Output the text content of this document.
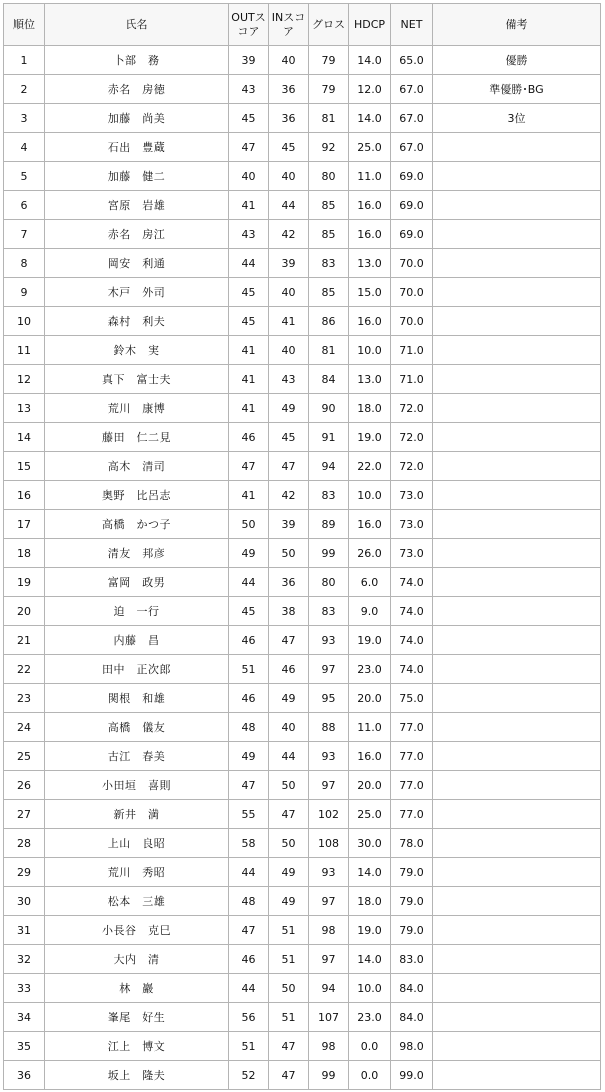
順位	氏名	OUTスコア	INスコア	グロス	HDCP	NET	備考
1	卜部　務	39	40	79	14.0	65.0	優勝
2	赤名　房徳	43	36	79	12.0	67.0	準優勝･BG
3	加藤　尚美	45	36	81	14.0	67.0	3位
4	石出　豊蔵	47	45	92	25.0	67.0	
5	加藤　健二	40	40	80	11.0	69.0	
6	宮原　岩雄	41	44	85	16.0	69.0	
7	赤名　房江	43	42	85	16.0	69.0	
8	岡安　利通	44	39	83	13.0	70.0	
9	木戸　外司	45	40	85	15.0	70.0	
10	森村　利夫	45	41	86	16.0	70.0	
11	鈴木　実	41	40	81	10.0	71.0	
12	真下　富士夫	41	43	84	13.0	71.0	
13	荒川　康博	41	49	90	18.0	72.0	
14	藤田　仁二見	46	45	91	19.0	72.0	
15	高木　清司	47	47	94	22.0	72.0	
16	奥野　比呂志	41	42	83	10.0	73.0	
17	高橋　かつ子	50	39	89	16.0	73.0	
18	清友　邦彦	49	50	99	26.0	73.0	
19	富岡　政男	44	36	80	6.0	74.0	
20	迫　一行	45	38	83	9.0	74.0	
21	内藤　昌	46	47	93	19.0	74.0	
22	田中　正次郎	51	46	97	23.0	74.0	
23	関根　和雄	46	49	95	20.0	75.0	
24	高橋　儀友	48	40	88	11.0	77.0	
25	古江　春美	49	44	93	16.0	77.0	
26	小田垣　喜則	47	50	97	20.0	77.0	
27	新井　満	55	47	102	25.0	77.0	
28	上山　良昭	58	50	108	30.0	78.0	
29	荒川　秀昭	44	49	93	14.0	79.0	
30	松本　三雄	48	49	97	18.0	79.0	
31	小長谷　克巳	47	51	98	19.0	79.0	
32	大内　清	46	51	97	14.0	83.0	
33	林　巖	44	50	94	10.0	84.0	
34	峯尾　好生	56	51	107	23.0	84.0	
35	江上　博文	51	47	98	0.0	98.0	
36	坂上　隆夫	52	47	99	0.0	99.0	
